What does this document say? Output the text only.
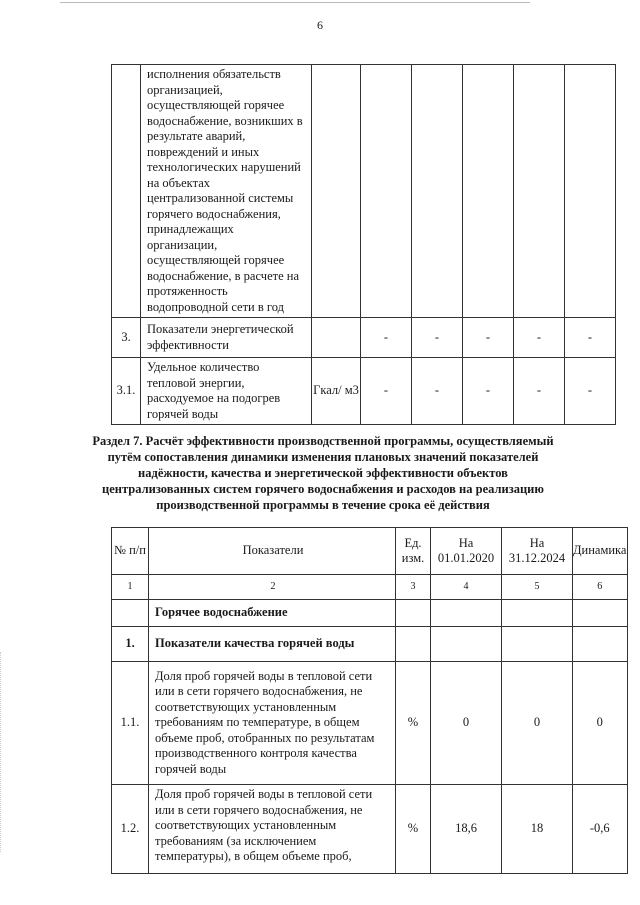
6
	исполнения обязательств организацией, осуществляющей горячее водоснабжение, возникших в результате аварий, повреждений и иных технологических нарушений на объектах централизованной системы горячего водоснабжения, принадлежащих организации, осуществляющей горячее водоснабжение, в расчете на протяженность водопроводной сети в год						
3.	Показатели энергетической эффективности		-	-	-	-	-
3.1.	Удельное количество тепловой энергии, расходуемое на подогрев горячей воды	Гкал/ м3	-	-	-	-	-
Раздел 7. Расчёт эффективности производственной программы, осуществляемый путём сопоставления динамики изменения плановых значений показателей надёжности, качества и энергетической эффективности объектов централизованных систем горячего водоснабжения и расходов на реализацию производственной программы в течение срока её действия
№ п/п	Показатели	Ед. изм.	На 01.01.2020	На 31.12.2024	Динамика
1	2	3	4	5	6
	Горячее водоснабжение				
1.	Показатели качества горячей воды				
1.1.	Доля проб горячей воды в тепловой сети или в сети горячего водоснабжения, не соответствующих установленным требованиям по температуре, в общем объеме проб, отобранных по результатам производственного контроля качества горячей воды	%	0	0	0
1.2.	Доля проб горячей воды в тепловой сети или в сети горячего водоснабжения, не соответствующих установленным требованиям (за исключением температуры), в общем объеме проб,	%	18,6	18	-0,6
